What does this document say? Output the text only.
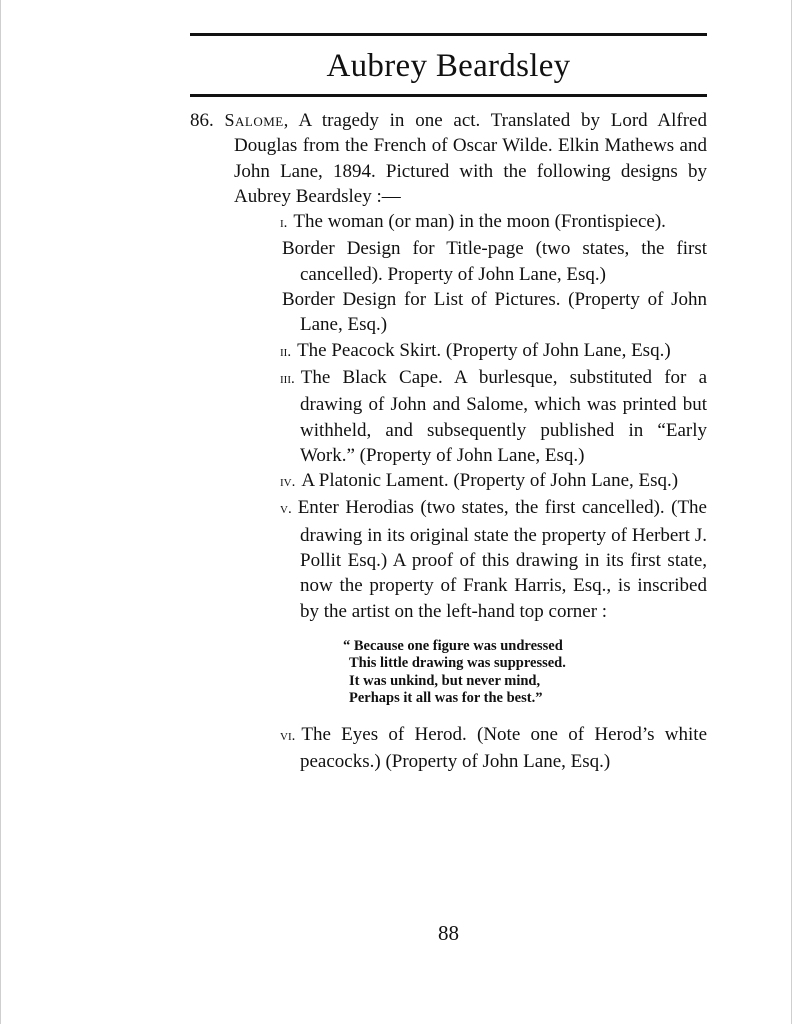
Aubrey Beardsley

86. Salome, A tragedy in one act. Translated by Lord Alfred Douglas from the French of Oscar Wilde. Elkin Mathews and John Lane, 1894. Pictured with the following designs by Aubrey Beardsley :—

i. The woman (or man) in the moon (Frontispiece).

Border Design for Title-page (two states, the first cancelled). Property of John Lane, Esq.)

Border Design for List of Pictures. (Property of John Lane, Esq.)

ii. The Peacock Skirt. (Property of John Lane, Esq.)

iii. The Black Cape. A burlesque, substituted for a drawing of John and Salome, which was printed but withheld, and subsequently published in “Early Work.” (Property of John Lane, Esq.)

iv. A Platonic Lament. (Property of John Lane, Esq.)

v. Enter Herodias (two states, the first cancelled). (The drawing in its original state the property of Herbert J. Pollit Esq.) A proof of this drawing in its first state, now the property of Frank Harris, Esq., is inscribed by the artist on the left-hand top corner :

“ Because one figure was undressed
This little drawing was suppressed.
It was unkind, but never mind,
Perhaps it all was for the best.”

vi. The Eyes of Herod. (Note one of Herod’s white peacocks.) (Property of John Lane, Esq.)

88
